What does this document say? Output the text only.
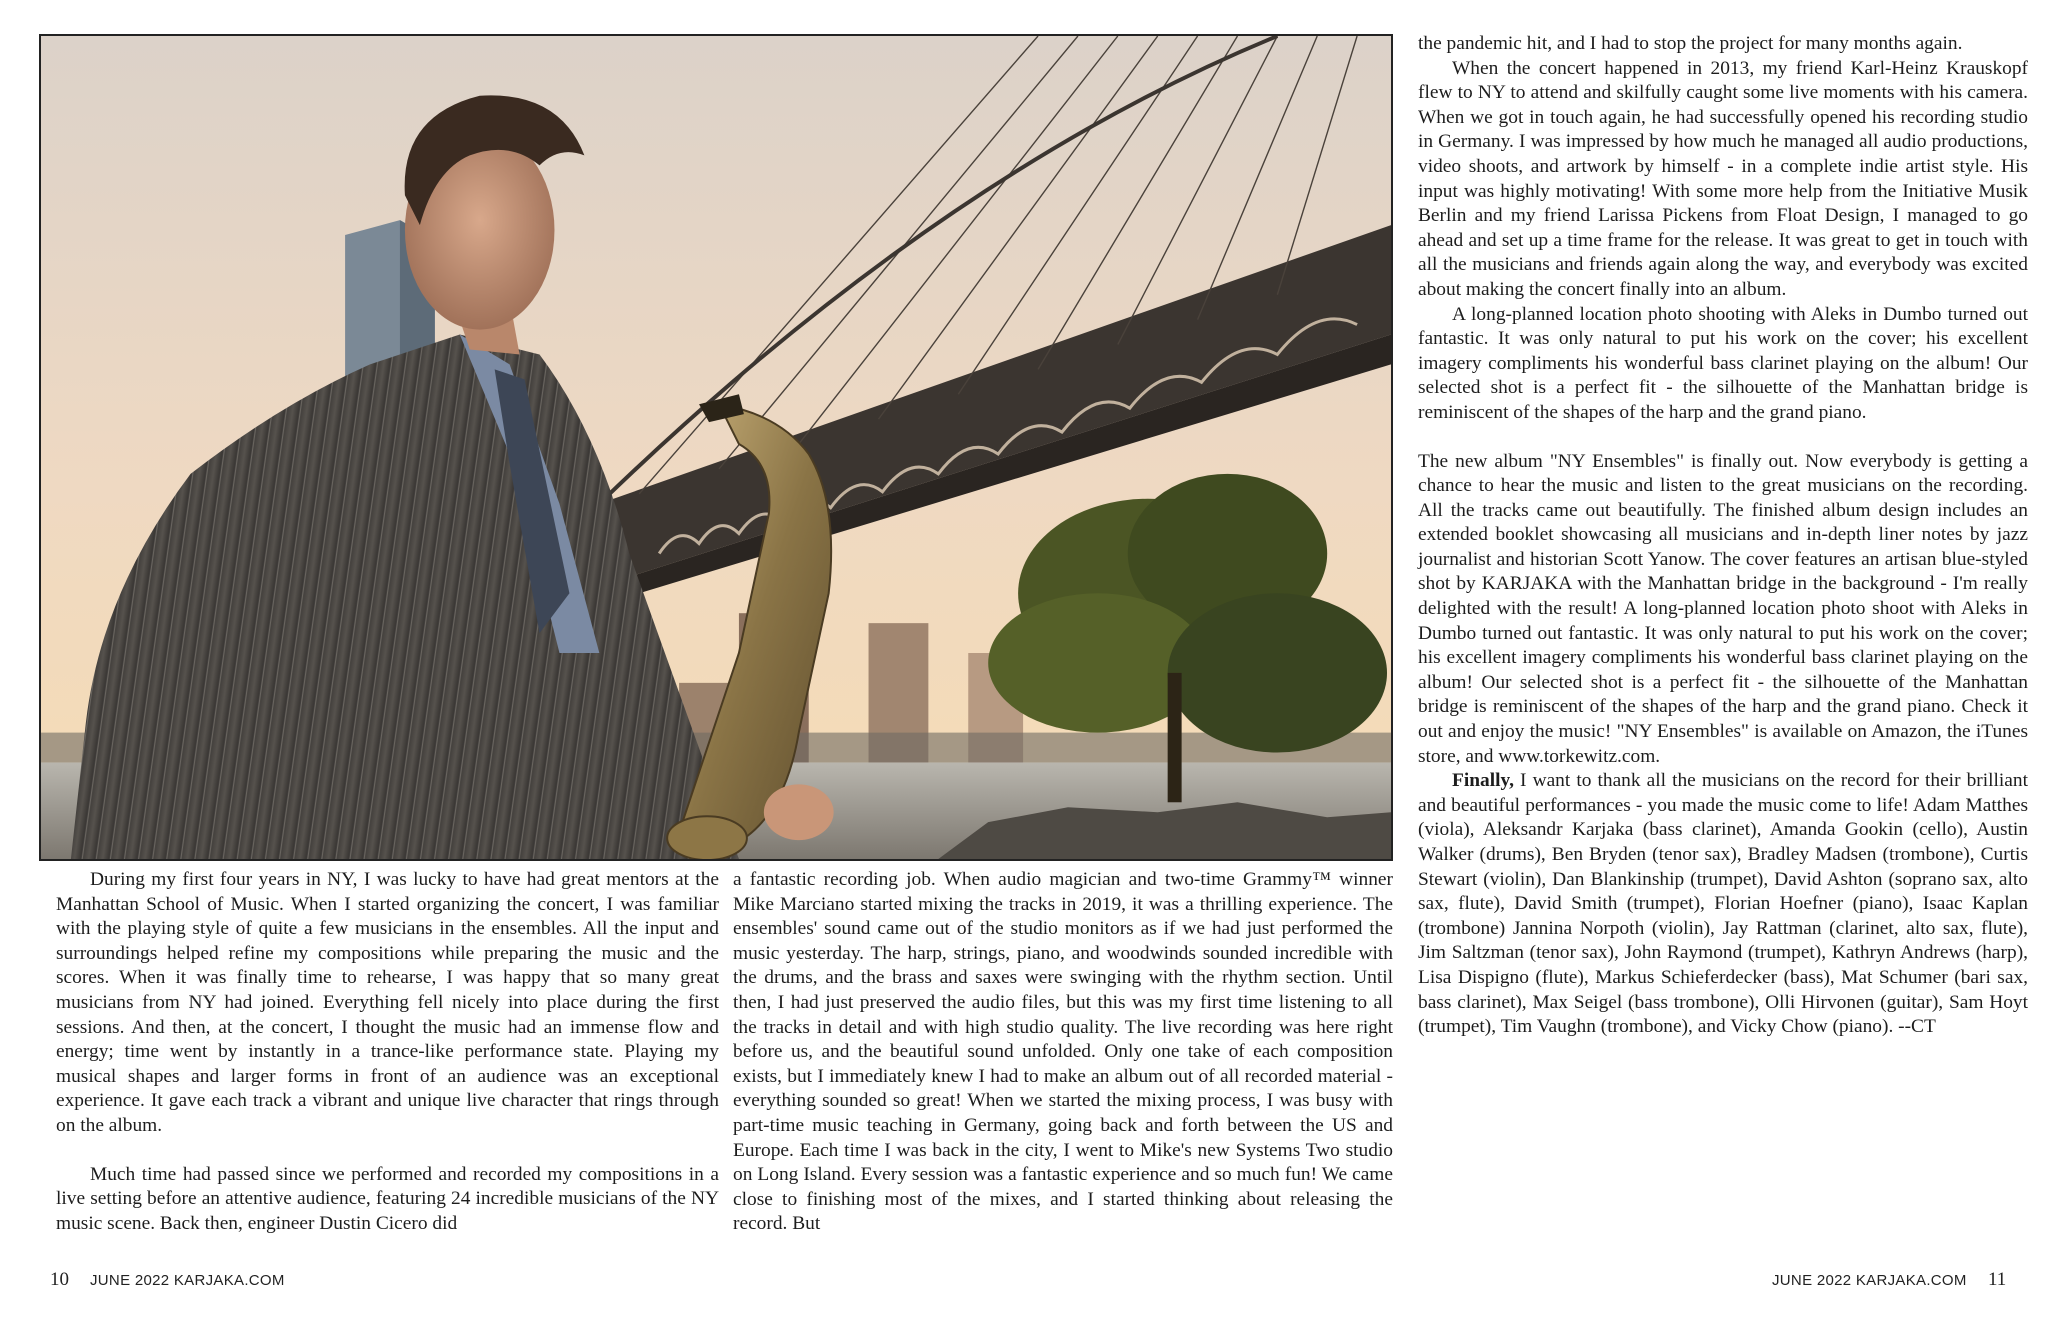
During my first four years in NY, I was lucky to have had great mentors at the Manhattan School of Music. When I started organizing the concert, I was familiar with the playing style of quite a few musicians in the ensembles. All the input and surroundings helped refine my compositions while preparing the music and the scores. When it was finally time to rehearse, I was happy that so many great musicians from NY had joined. Everything fell nicely into place during the first sessions. And then, at the concert, I thought the music had an immense flow and energy; time went by instantly in a trance-like performance state. Playing my musical shapes and larger forms in front of an audience was an exceptional experience. It gave each track a vibrant and unique live character that rings through on the album.

Much time had passed since we performed and recorded my compositions in a live setting before an attentive audience, featuring 24 incredible musicians of the NY music scene. Back then, engineer Dustin Cicero did

a fantastic recording job. When audio magician and two-time Grammy™ winner Mike Marciano started mixing the tracks in 2019, it was a thrilling experience. The ensembles' sound came out of the studio monitors as if we had just performed the music yesterday. The harp, strings, piano, and woodwinds sounded incredible with the drums, and the brass and saxes were swinging with the rhythm section. Until then, I had just preserved the audio files, but this was my first time listening to all the tracks in detail and with high studio quality. The live recording was here right before us, and the beautiful sound unfolded. Only one take of each composition exists, but I immediately knew I had to make an album out of all recorded material - everything sounded so great! When we started the mixing process, I was busy with part-time music teaching in Germany, going back and forth between the US and Europe. Each time I was back in the city, I went to Mike's new Systems Two studio on Long Island. Every session was a fantastic experience and so much fun! We came close to finishing most of the mixes, and I started thinking about releasing the record. But

the pandemic hit, and I had to stop the project for many months again.

When the concert happened in 2013, my friend Karl-Heinz Krauskopf flew to NY to attend and skilfully caught some live moments with his camera. When we got in touch again, he had successfully opened his recording studio in Germany. I was impressed by how much he managed all audio productions, video shoots, and artwork by himself - in a complete indie artist style. His input was highly motivating! With some more help from the Initiative Musik Berlin and my friend Larissa Pickens from Float Design, I managed to go ahead and set up a time frame for the release. It was great to get in touch with all the musicians and friends again along the way, and everybody was excited about making the concert finally into an album.

A long-planned location photo shooting with Aleks in Dumbo turned out fantastic. It was only natural to put his work on the cover; his excellent imagery compliments his wonderful bass clarinet playing on the album! Our selected shot is a perfect fit - the silhouette of the Manhattan bridge is reminiscent of the shapes of the harp and the grand piano.

The new album "NY Ensembles" is finally out. Now everybody is getting a chance to hear the music and listen to the great musicians on the recording. All the tracks came out beautifully. The finished album design includes an extended booklet showcasing all musicians and in-depth liner notes by jazz journalist and historian Scott Yanow. The cover features an artisan blue-styled shot by KARJAKA with the Manhattan bridge in the background - I'm really delighted with the result! A long-planned location photo shoot with Aleks in Dumbo turned out fantastic. It was only natural to put his work on the cover; his excellent imagery compliments his wonderful bass clarinet playing on the album! Our selected shot is a perfect fit - the silhouette of the Manhattan bridge is reminiscent of the shapes of the harp and the grand piano. Check it out and enjoy the music! "NY Ensembles" is available on Amazon, the iTunes store, and www.torkewitz.com.

Finally, I want to thank all the musicians on the record for their brilliant and beautiful performances - you made the music come to life! Adam Matthes (viola), Aleksandr Karjaka (bass clarinet), Amanda Gookin (cello), Austin Walker (drums), Ben Bryden (tenor sax), Bradley Madsen (trombone), Curtis Stewart (violin), Dan Blankinship (trumpet), David Ashton (soprano sax, alto sax, flute), David Smith (trumpet), Florian Hoefner (piano), Isaac Kaplan (trombone) Jannina Norpoth (violin), Jay Rattman (clarinet, alto sax, flute), Jim Saltzman (tenor sax), John Raymond (trumpet), Kathryn Andrews (harp), Lisa Dispigno (flute), Markus Schieferdecker (bass), Mat Schumer (bari sax, bass clarinet), Max Seigel (bass trombone), Olli Hirvonen (guitar), Sam Hoyt (trumpet), Tim Vaughn (trombone), and Vicky Chow (piano). --CT

10 JUNE 2022 KARJAKA.COM	JUNE 2022 KARJAKA.COM 11
